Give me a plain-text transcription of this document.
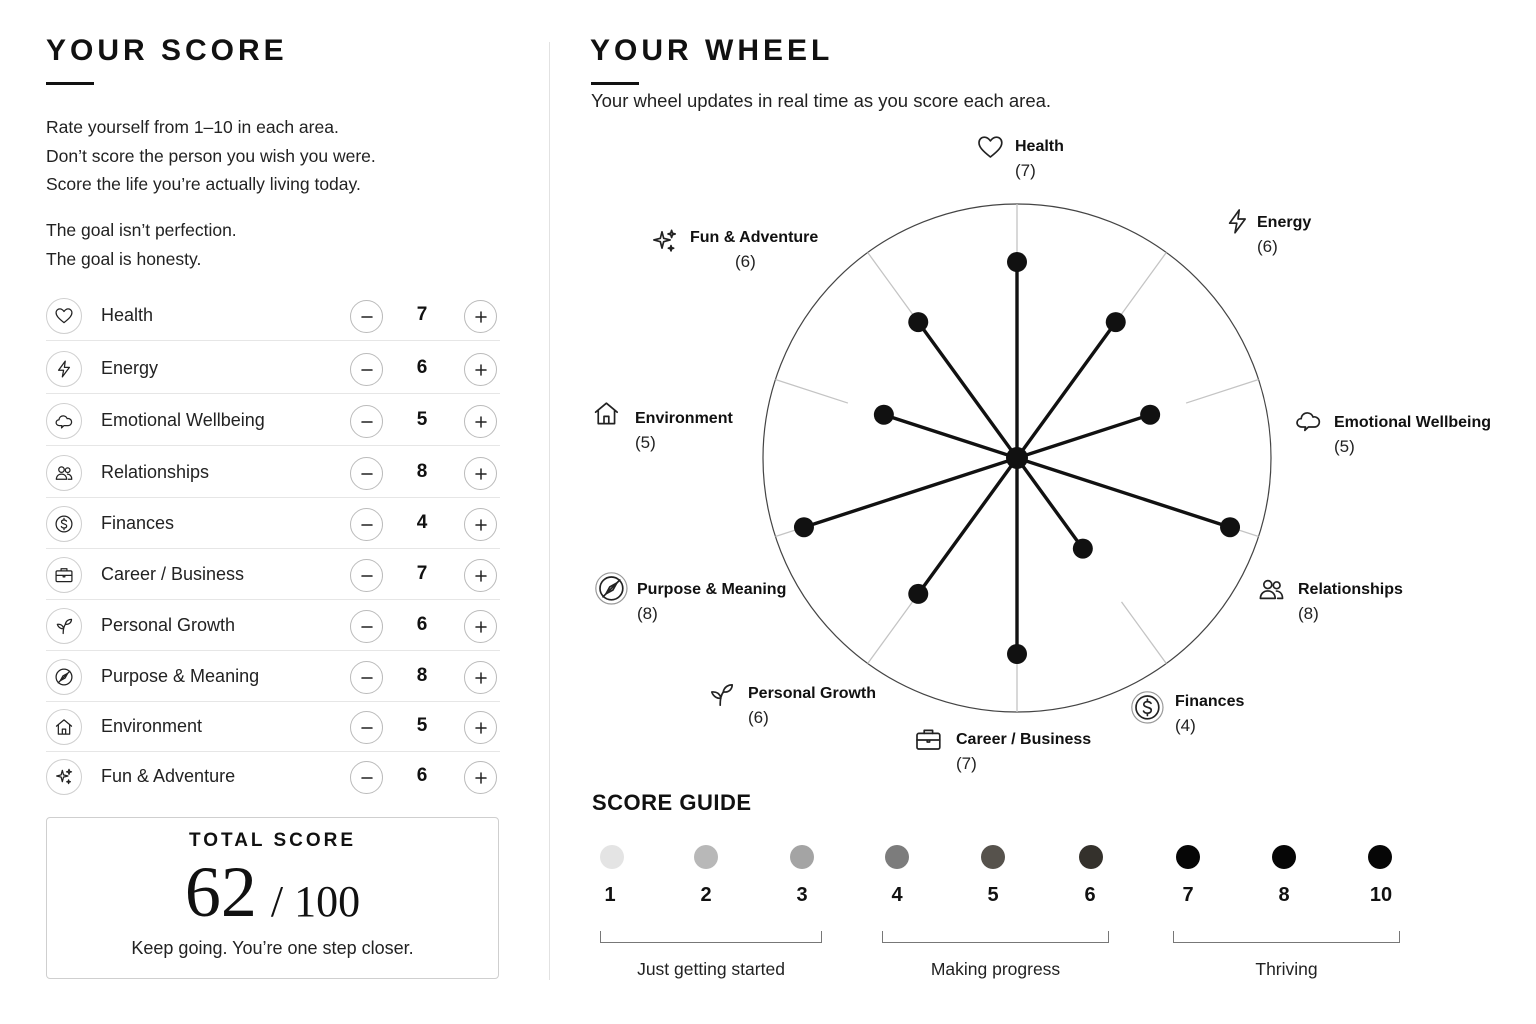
YOUR SCORE

Rate yourself from 1–10 in each area.

Don’t score the person you wish you were.

Score the life you’re actually living today.

The goal isn’t perfection.

The goal is honesty.

Health	7
Energy	6
Emotional Wellbeing	5
Relationships	8
Finances	4
Career / Business	7
Personal Growth	6
Purpose & Meaning	8
Environment	5
Fun & Adventure	6
TOTAL SCORE
62 / 100
Keep going. You’re one step closer.
YOUR WHEEL
Your wheel updates in real time as you score each area.
Health
(7)
Energy
(6)
Emotional Wellbeing
(5)
Relationships
(8)
Finances
(4)
Career / Business
(7)
Personal Growth
(6)
Purpose & Meaning
(8)
Environment
(5)
Fun & Adventure
(6)
SCORE GUIDE
1	2	3	4	5	6	7	8	10
Just getting started	Making progress	Thriving
